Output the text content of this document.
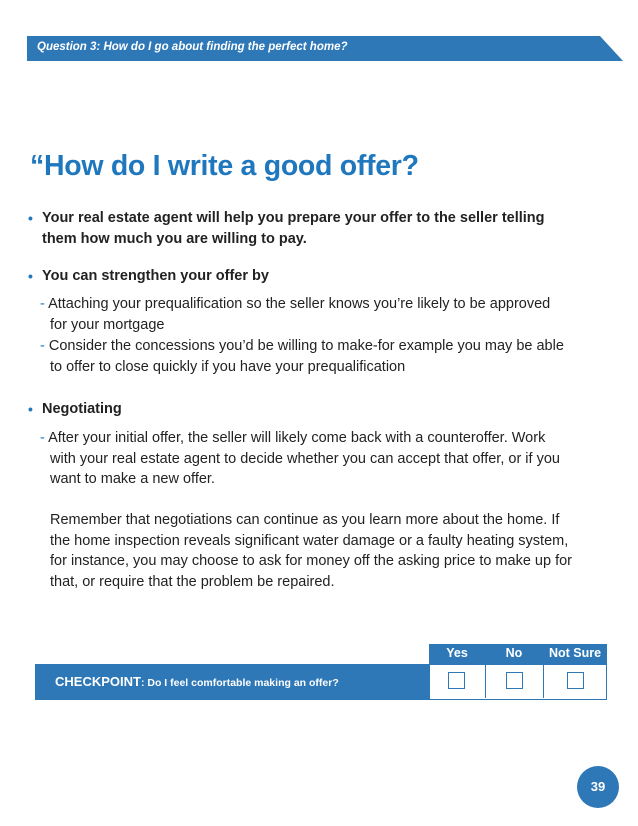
Question 3: How do I go about finding the perfect home?
“How do I write a good offer?
• Your real estate agent will help you prepare your offer to the seller telling
them how much you are willing to pay.
• You can strengthen your offer by
- Attaching your prequalification so the seller knows you’re likely to be approved
for your mortgage
- Consider the concessions you’d be willing to make-for example you may be able
to offer to close quickly if you have your prequalification
• Negotiating
- After your initial offer, the seller will likely come back with a counteroffer. Work
with your real estate agent to decide whether you can accept that offer, or if you
want to make a new offer.
Remember that negotiations can continue as you learn more about the home. If
the home inspection reveals significant water damage or a faulty heating system,
for instance, you may choose to ask for money off the asking price to make up for
that, or require that the problem be repaired.
Yes	No	Not Sure
CHECKPOINT: Do I feel comfortable making an offer?
39
